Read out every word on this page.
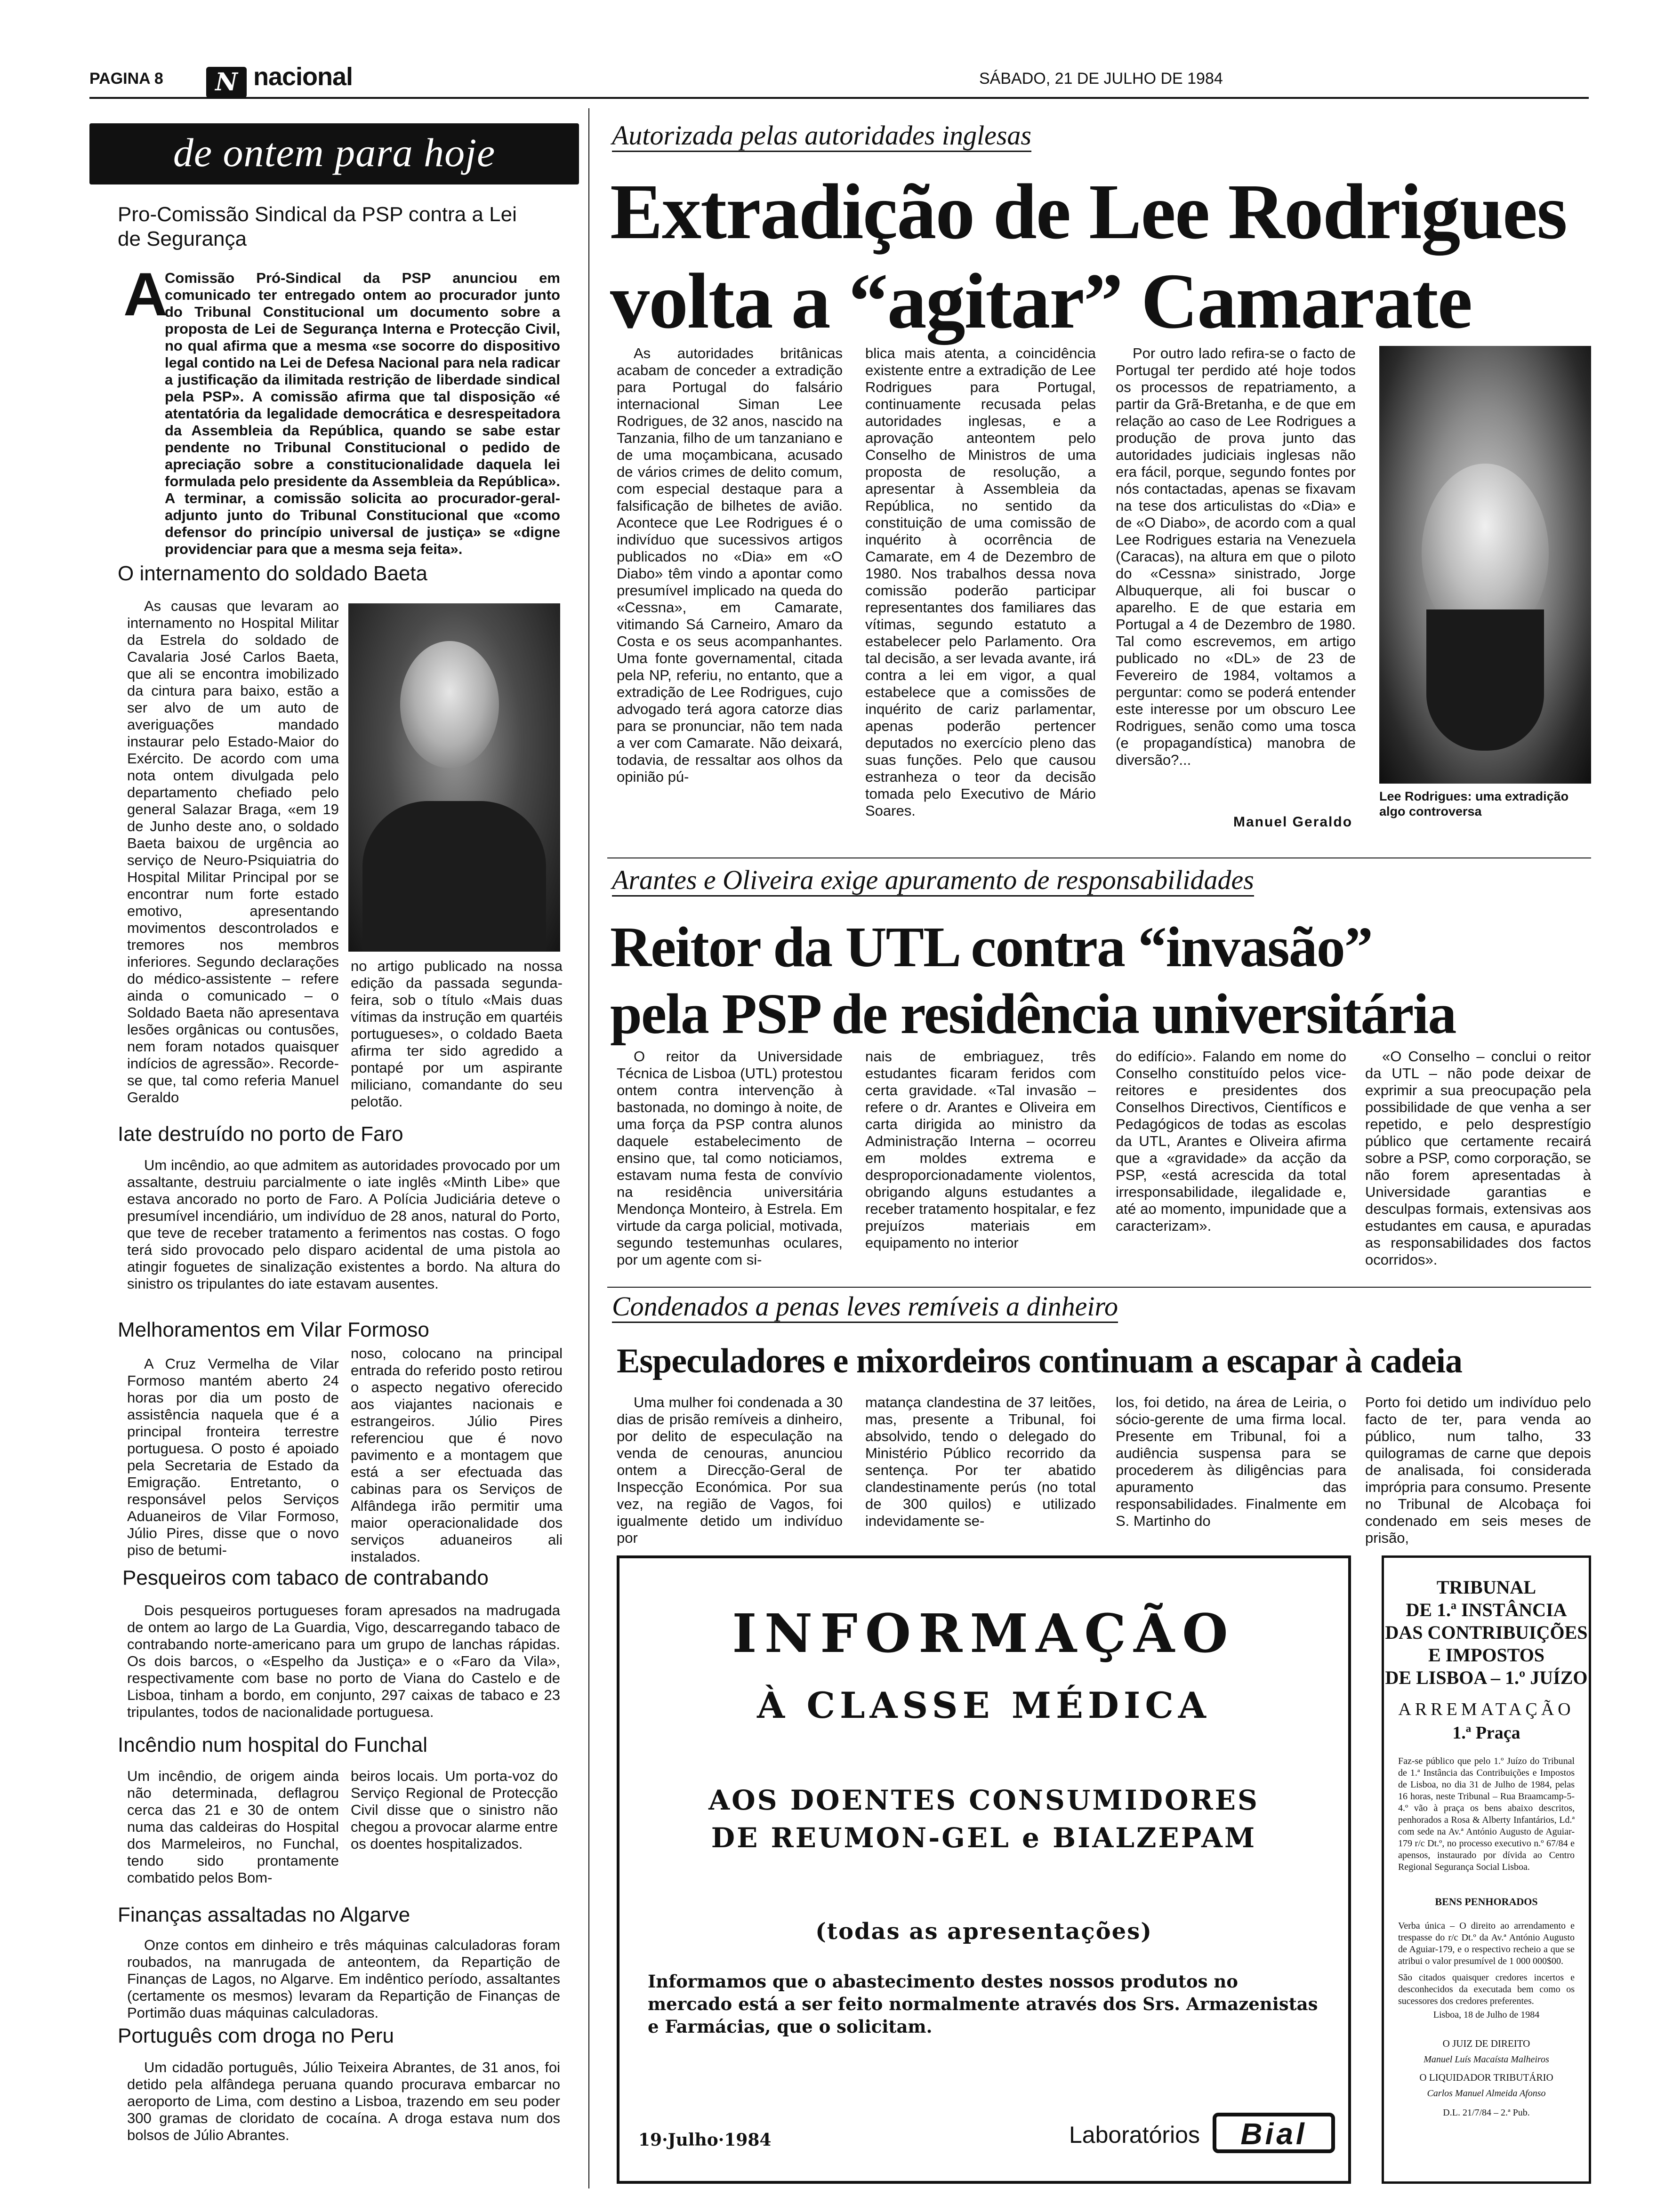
PAGINA 8	N nacional	SÁBADO, 21 DE JULHO DE 1984
de ontem para hoje
Pro-Comissão Sindical da PSP contra a Lei de Segurança
A
Comissão Pró-Sindical da PSP anunciou em comunicado ter entregado ontem ao procurador junto do Tribunal Constitucional um documento sobre a proposta de Lei de Segurança Interna e Protecção Civil, no qual afirma que a mesma «se socorre do dispositivo legal contido na Lei de Defesa Nacional para nela radicar a justificação da ilimitada restrição de liberdade sindical pela PSP». A comissão afirma que tal disposição «é atentatória da legalidade democrática e desrespeitadora da Assembleia da República, quando se sabe estar pendente no Tribunal Constitucional o pedido de apreciação sobre a constitucionalidade daquela lei formulada pelo presidente da Assembleia da República». A terminar, a comissão solicita ao procurador-geral-adjunto junto do Tribunal Constitucional que «como defensor do princípio universal de justiça» se «digne providenciar para que a mesma seja feita».
O internamento do soldado Baeta

As causas que levaram ao internamento no Hospital Militar da Estrela do soldado de Cavalaria José Carlos Baeta, que ali se encontra imobilizado da cintura para baixo, estão a ser alvo de um auto de averiguações mandado instaurar pelo Estado-Maior do Exército. De acordo com uma nota ontem divulgada pelo departamento chefiado pelo general Salazar Braga, «em 19 de Junho deste ano, o soldado Baeta baixou de urgência ao serviço de Neuro-Psiquiatria do Hospital Militar Principal por se encontrar num forte estado emotivo, apresentando movimentos descontrolados e tremores nos membros inferiores. Segundo declarações do médico-assistente – refere ainda o comunicado – o Soldado Baeta não apresentava lesões orgânicas ou contusões, nem foram notados quaisquer indícios de agressão». Recorde-se que, tal como referia Manuel Geraldo

no artigo publicado na nossa edição da passada segunda-feira, sob o título «Mais duas vítimas da instrução em quartéis portugueses», o coldado Baeta afirma ter sido agredido a pontapé por um aspirante miliciano, comandante do seu pelotão.
Iate destruído no porto de Faro

Um incêndio, ao que admitem as autoridades provocado por um assaltante, destruiu parcialmente o iate inglês «Minth Libe» que estava ancorado no porto de Faro. A Polícia Judiciária deteve o presumível incendiário, um indivíduo de 28 anos, natural do Porto, que teve de receber tratamento a ferimentos nas costas. O fogo terá sido provocado pelo disparo acidental de uma pistola ao atingir foguetes de sinalização existentes a bordo. Na altura do sinistro os tripulantes do iate estavam ausentes.

Melhoramentos em Vilar Formoso

A Cruz Vermelha de Vilar Formoso mantém aberto 24 horas por dia um posto de assistência naquela que é a principal fronteira terrestre portuguesa. O posto é apoiado pela Secretaria de Estado da Emigração. Entretanto, o responsável pelos Serviços Aduaneiros de Vilar Formoso, Júlio Pires, disse que o novo piso de betumi-

noso, colocano na principal entrada do referido posto retirou o aspecto negativo oferecido aos viajantes nacionais e estrangeiros. Júlio Pires referenciou que é novo pavimento e a montagem que está a ser efectuada das cabinas para os Serviços de Alfândega irão permitir uma maior operacionalidade dos serviços aduaneiros ali instalados.
Pesqueiros com tabaco de contrabando

Dois pesqueiros portugueses foram apresados na madrugada de ontem ao largo de La Guardia, Vigo, descarregando tabaco de contrabando norte-americano para um grupo de lanchas rápidas. Os dois barcos, o «Espelho da Justiça» e o «Faro da Vila», respectivamente com base no porto de Viana do Castelo e de Lisboa, tinham a bordo, em conjunto, 297 caixas de tabaco e 23 tripulantes, todos de nacionalidade portuguesa.

Incêndio num hospital do Funchal
Um incêndio, de origem ainda não determinada, deflagrou cerca das 21 e 30 de ontem numa das caldeiras do Hospital dos Marmeleiros, no Funchal, tendo sido prontamente combatido pelos Bom-
beiros locais. Um porta-voz do Serviço Regional de Protecção Civil disse que o sinistro não chegou a provocar alarme entre os doentes hospitalizados.
Finanças assaltadas no Algarve

Onze contos em dinheiro e três máquinas calculadoras foram roubados, na manrugada de anteontem, da Repartição de Finanças de Lagos, no Algarve. Em indêntico período, assaltantes (certamente os mesmos) levaram da Repartição de Finanças de Portimão duas máquinas calculadoras.

Português com droga no Peru

Um cidadão português, Júlio Teixeira Abrantes, de 31 anos, foi detido pela alfândega peruana quando procurava embarcar no aeroporto de Lima, com destino a Lisboa, trazendo em seu poder 300 gramas de cloridato de cocaína. A droga estava num dos bolsos de Júlio Abrantes.

Autorizada pelas autoridades inglesas
Extradição de Lee Rodrigues
volta a “agitar” Camarate

As autoridades britânicas acabam de conceder a extradição para Portugal do falsário internacional Siman Lee Rodrigues, de 32 anos, nascido na Tanzania, filho de um tanzaniano e de uma moçambicana, acusado de vários crimes de delito comum, com especial destaque para a falsificação de bilhetes de avião. Acontece que Lee Rodrigues é o indivíduo que sucessivos artigos publicados no «Dia» em «O Diabo» têm vindo a apontar como presumível implicado na queda do «Cessna», em Camarate, vitimando Sá Carneiro, Amaro da Costa e os seus acompanhantes. Uma fonte governamental, citada pela NP, referiu, no entanto, que a extradição de Lee Rodrigues, cujo advogado terá agora catorze dias para se pronunciar, não tem nada a ver com Camarate. Não deixará, todavia, de ressaltar aos olhos da opinião pú-

blica mais atenta, a coincidência existente entre a extradição de Lee Rodrigues para Portugal, continuamente recusada pelas autoridades inglesas, e a aprovação anteontem pelo Conselho de Ministros de uma proposta de resolução, a apresentar à Assembleia da República, no sentido da constituição de uma comissão de inquérito à ocorrência de Camarate, em 4 de Dezembro de 1980. Nos trabalhos dessa nova comissão poderão participar representantes dos familiares das vítimas, segundo estatuto a estabelecer pelo Parlamento. Ora tal decisão, a ser levada avante, irá contra a lei em vigor, a qual estabelece que a comissões de inquérito de cariz parlamentar, apenas poderão pertencer deputados no exercício pleno das suas funções. Pelo que causou estranheza o teor da decisão tomada pelo Executivo de Mário Soares.

Por outro lado refira-se o facto de Portugal ter perdido até hoje todos os processos de repatriamento, a partir da Grã-Bretanha, e de que em relação ao caso de Lee Rodrigues a produção de prova junto das autoridades judiciais inglesas não era fácil, porque, segundo fontes por nós contactadas, apenas se fixavam na tese dos articulistas do «Dia» e de «O Diabo», de acordo com a qual Lee Rodrigues estaria na Venezuela (Caracas), na altura em que o piloto do «Cessna» sinistrado, Jorge Albuquerque, ali foi buscar o aparelho. E de que estaria em Portugal a 4 de Dezembro de 1980. Tal como escrevemos, em artigo publicado no «DL» de 23 de Fevereiro de 1984, voltamos a perguntar: como se poderá entender este interesse por um obscuro Lee Rodrigues, senão como uma tosca (e propagandística) manobra de diversão?...

Manuel Geraldo
Lee Rodrigues: uma extradição algo controversa
Arantes e Oliveira exige apuramento de responsabilidades
Reitor da UTL contra “invasão”
pela PSP de residência universitária

O reitor da Universidade Técnica de Lisboa (UTL) protestou ontem contra intervenção à bastonada, no domingo à noite, de uma força da PSP contra alunos daquele estabelecimento de ensino que, tal como noticiamos, estavam numa festa de convívio na residência universitária Mendonça Monteiro, à Estrela. Em virtude da carga policial, motivada, segundo testemunhas oculares, por um agente com si-

nais de embriaguez, três estudantes ficaram feridos com certa gravidade. «Tal invasão – refere o dr. Arantes e Oliveira em carta dirigida ao ministro da Administração Interna – ocorreu em moldes extrema e desproporcionadamente violentos, obrigando alguns estudantes a receber tratamento hospitalar, e fez prejuízos materiais em equipamento no interior
do edifício». Falando em nome do Conselho constituído pelos vice-reitores e presidentes dos Conselhos Directivos, Científicos e Pedagógicos de todas as escolas da UTL, Arantes e Oliveira afirma que a «gravidade» da acção da PSP, «está acrescida da total irresponsabilidade, ilegalidade e, até ao momento, impunidade que a caracterizam».

«O Conselho – conclui o reitor da UTL – não pode deixar de exprimir a sua preocupação pela possibilidade de que venha a ser repetido, e pelo desprestígio público que certamente recairá sobre a PSP, como corporação, se não forem apresentadas à Universidade garantias e desculpas formais, extensivas aos estudantes em causa, e apuradas as responsabilidades dos factos ocorridos».

Condenados a penas leves remíveis a dinheiro
Especuladores e mixordeiros continuam a escapar à cadeia

Uma mulher foi condenada a 30 dias de prisão remíveis a dinheiro, por delito de especulação na venda de cenouras, anunciou ontem a Direcção-Geral de Inspecção Económica. Por sua vez, na região de Vagos, foi igualmente detido um indivíduo por

matança clandestina de 37 leitões, mas, presente a Tribunal, foi absolvido, tendo o delegado do Ministério Público recorrido da sentença. Por ter abatido clandestinamente perús (no total de 300 quilos) e utilizado indevidamente se-
los, foi detido, na área de Leiria, o sócio-gerente de uma firma local. Presente em Tribunal, foi a audiência suspensa para se procederem às diligências para apuramento das responsabilidades. Finalmente em S. Martinho do
Porto foi detido um indivíduo pelo facto de ter, para venda ao público, num talho, 33 quilogramas de carne que depois de analisada, foi considerada imprópria para consumo. Presente no Tribunal de Alcobaça foi condenado em seis meses de prisão,
INFORMAÇÃO
À CLASSE MÉDICA
AOS DOENTES CONSUMIDORES
DE REUMON-GEL e BIALZEPAM
(todas as apresentações)
Informamos que o abastecimento destes nossos produtos no mercado está a ser feito normalmente através dos Srs. Armazenistas e Farmácias, que o solicitam.
19·Julho·1984	Laboratórios	Bial
TRIBUNAL
DE 1.ª INSTÂNCIA
DAS CONTRIBUIÇÕES
E IMPOSTOS
DE LISBOA – 1.º JUÍZO
ARREMATAÇÃO
1.ª Praça
Faz-se público que pelo 1.º Juízo do Tribunal de 1.ª Instância das Contribuições e Impostos de Lisboa, no dia 31 de Julho de 1984, pelas 16 horas, neste Tribunal – Rua Braamcamp-5-4.º vão à praça os bens abaixo descritos, penhorados a Rosa & Alberty Infantários, Ld.ª com sede na Av.ª António Augusto de Aguiar-179 r/c Dt.º, no processo executivo n.º 67/84 e apensos, instaurado por dívida ao Centro Regional Segurança Social Lisboa.
BENS PENHORADOS
Verba única – O direito ao arrendamento e trespasse do r/c Dt.º da Av.ª António Augusto de Aguiar-179, e o respectivo recheio a que se atribui o valor presumível de 1 000 000$00.
São citados quaisquer credores incertos e desconhecidos da executada bem como os sucessores dos credores preferentes.
Lisboa, 18 de Julho de 1984
O JUIZ DE DIREITO
Manuel Luís Macaísta Malheiros
O LIQUIDADOR TRIBUTÁRIO
Carlos Manuel Almeida Afonso
D.L. 21/7/84 – 2.ª Pub.
